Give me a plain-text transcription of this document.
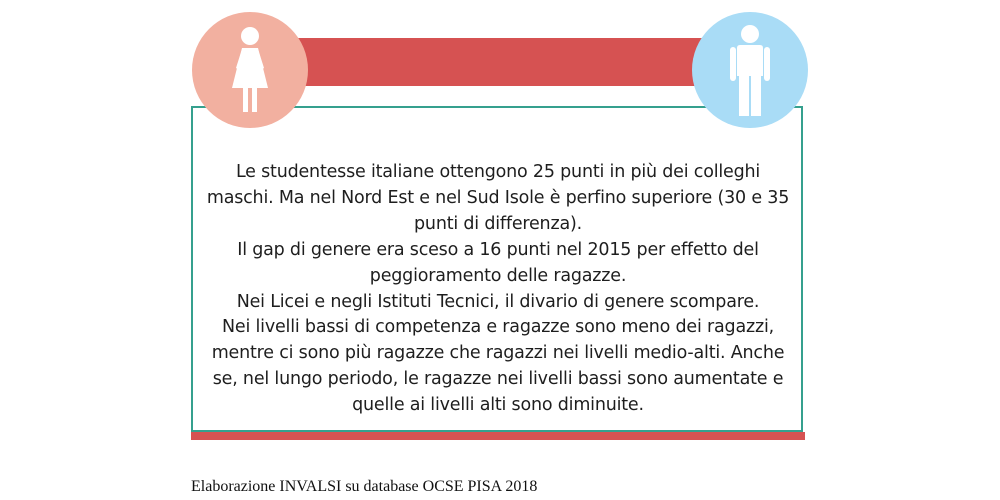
Le studentesse italiane ottengono 25 punti in più dei colleghi
maschi. Ma nel Nord Est e nel Sud Isole è perfino superiore (30 e 35
punti di differenza).
Il gap di genere era sceso a 16 punti nel 2015 per effetto del
peggioramento delle ragazze.
Nei Licei e negli Istituti Tecnici, il divario di genere scompare.
Nei livelli bassi di competenza e ragazze sono meno dei ragazzi,
mentre ci sono più ragazze che ragazzi nei livelli medio-alti. Anche
se, nel lungo periodo, le ragazze nei livelli bassi sono aumentate e
quelle ai livelli alti sono diminuite.

Elaborazione INVALSI su database OCSE PISA 2018
